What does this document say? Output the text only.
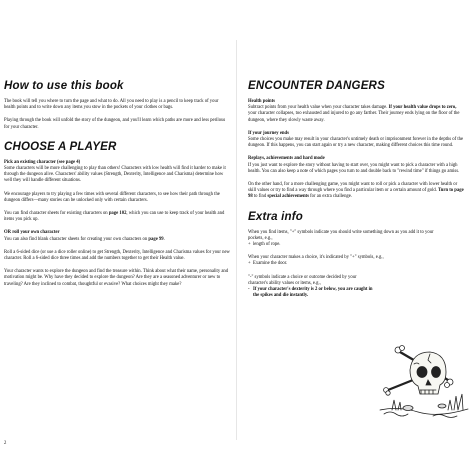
How to use this book

The book will tell you where to turn the page and what to do. All you need to play is a pencil to keep track of your health points and to write down any items you stow in the pockets of your clothes or bags.

Playing through the book will unfold the story of the dungeon, and you'll learn which paths are more and less perilous for your character.

CHOOSE A PLAYER

Pick an existing character (see page 4)
Some characters will be more challenging to play than others! Characters with low health will find it harder to make it through the dungeon alive. Characters' ability values (Strength, Dexterity, Intelligence and Charisma) determine how well they will handle different situations.

We encourage players to try playing a few times with several different characters, to see how their path through the dungeon differs—many stories can be unlocked only with certain characters.

You can find character sheets for existing characters on page 102, which you can use to keep track of your health and items you pick up.

OR roll your own character
You can also find blank character sheets for creating your own characters on page 99.

Roll a 6-sided dice (or use a dice roller online) to get Strength, Dexterity, Intelligence and Charisma values for your new character. Roll a 6-sided dice three times and add the numbers together to get their Health value.

Your character wants to explore the dungeon and find the treasure within. Think about what their name, personality and motivation might be. Why have they decided to explore the dungeon? Are they are a seasoned adventurer or new to traveling? Are they inclined to combat, thoughtful or evasive? What choices might they make?

2
ENCOUNTER DANGERS

Health points
Subtract points from your health value when your character takes damage. If your health value drops to zero, your character collapses, too exhausted and injured to go any farther. Their journey ends lying on the floor of the dungeon, where they slowly waste away.

If your journey ends
Some choices you make may result in your character's untimely death or imprisonment forever in the depths of the dungeon. If this happens, you can start again or try a new character, making different choices this time round.

Replays, achievements and hard mode
If you just want to explore the story without having to start over, you might want to pick a character with a high health. You can also keep a note of which pages you turn to and double back to "rewind time" if things go amiss.

On the other hand, for a more challenging game, you might want to roll or pick a character with lower health or skill values or try to find a way through where you find a particular item or a certain amount of gold. Turn to page 98 to find special achievements for an extra challenge.

Extra info

When you find items, "+" symbols indicate you should write something down as you add it to your pockets, e.g.,
+ length of rope.

When your character makes a choice, it's indicated by "+" symbols, e.g.,
+ Examine the door.

"-" symbols indicate a choice or outcome decided by your character's ability values or items, e.g.,
- If your character's dexterity is 2 or below, you are caught in the spikes and die instantly.
